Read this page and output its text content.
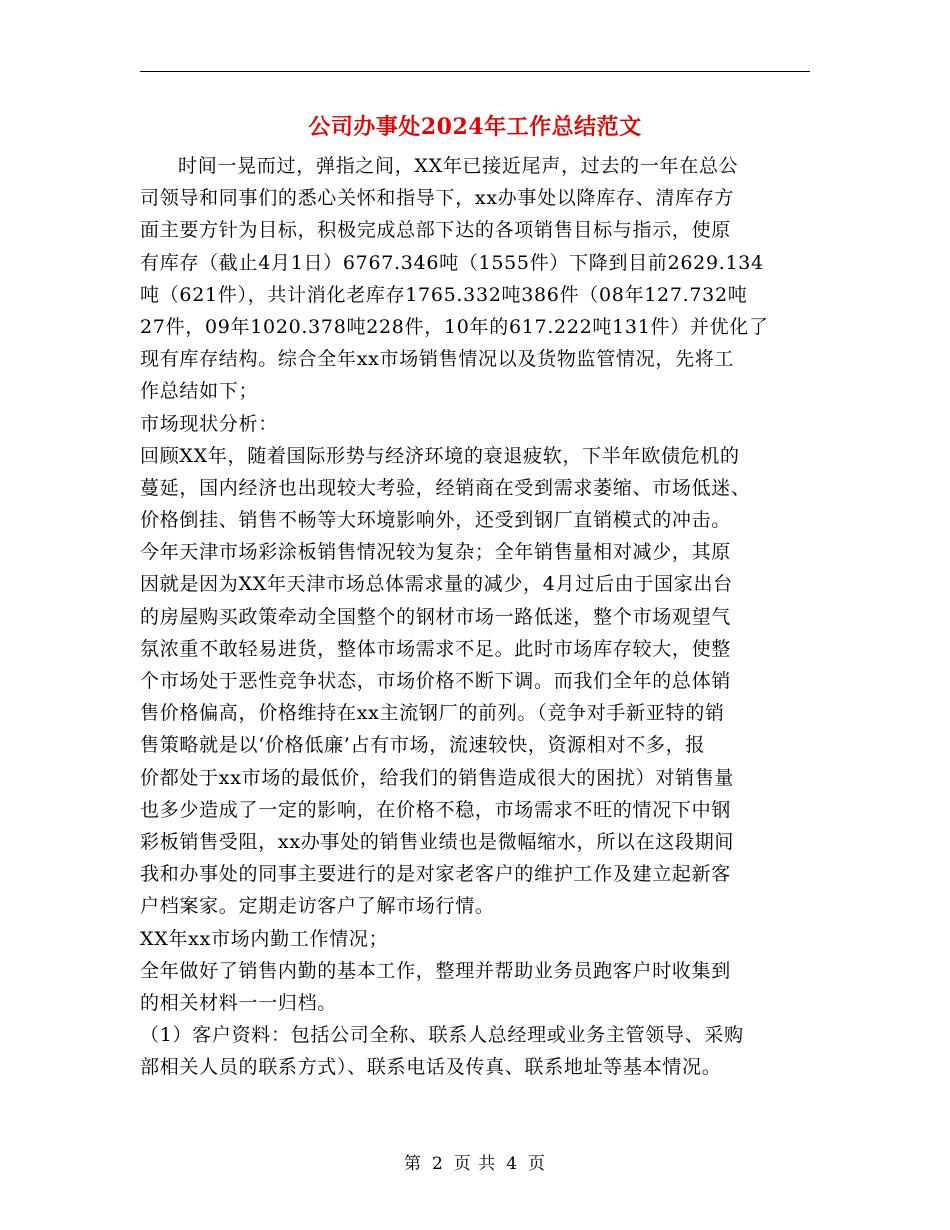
公司办事处2024年工作总结范文
时间一晃而过，弹指之间，XX年已接近尾声，过去的一年在总公
司领导和同事们的悉心关怀和指导下，xx办事处以降库存、清库存方
面主要方针为目标，积极完成总部下达的各项销售目标与指示，使原
有库存（截止4月1日）6767.346吨（1555件）下降到目前2629.134
吨（621件），共计消化老库存1765.332吨386件（08年127.732吨
27件，09年1020.378吨228件，10年的617.222吨131件）并优化了
现有库存结构。综合全年xx市场销售情况以及货物监管情况，先将工
作总结如下；
市场现状分析：
回顾XX年，随着国际形势与经济环境的衰退疲软，下半年欧债危机的
蔓延，国内经济也出现较大考验，经销商在受到需求萎缩、市场低迷、
价格倒挂、销售不畅等大环境影响外，还受到钢厂直销模式的冲击。
今年天津市场彩涂板销售情况较为复杂；全年销售量相对减少，其原
因就是因为XX年天津市场总体需求量的减少，4月过后由于国家出台
的房屋购买政策牵动全国整个的钢材市场一路低迷，整个市场观望气
氛浓重不敢轻易进货，整体市场需求不足。此时市场库存较大，使整
个市场处于恶性竞争状态，市场价格不断下调。而我们全年的总体销
售价格偏高，价格维持在xx主流钢厂的前列。（竞争对手新亚特的销
售策略就是以‘价格低廉’占有市场，流速较快，资源相对不多，报
价都处于xx市场的最低价，给我们的销售造成很大的困扰）对销售量
也多少造成了一定的影响，在价格不稳，市场需求不旺的情况下中钢
彩板销售受阻，xx办事处的销售业绩也是微幅缩水，所以在这段期间
我和办事处的同事主要进行的是对家老客户的维护工作及建立起新客
户档案家。定期走访客户了解市场行情。
XX年xx市场内勤工作情况；
全年做好了销售内勤的基本工作，整理并帮助业务员跑客户时收集到
的相关材料一一归档。
（1）客户资料：包括公司全称、联系人总经理或业务主管领导、采购
部相关人员的联系方式）、联系电话及传真、联系地址等基本情况。
第 2 页 共 4 页
